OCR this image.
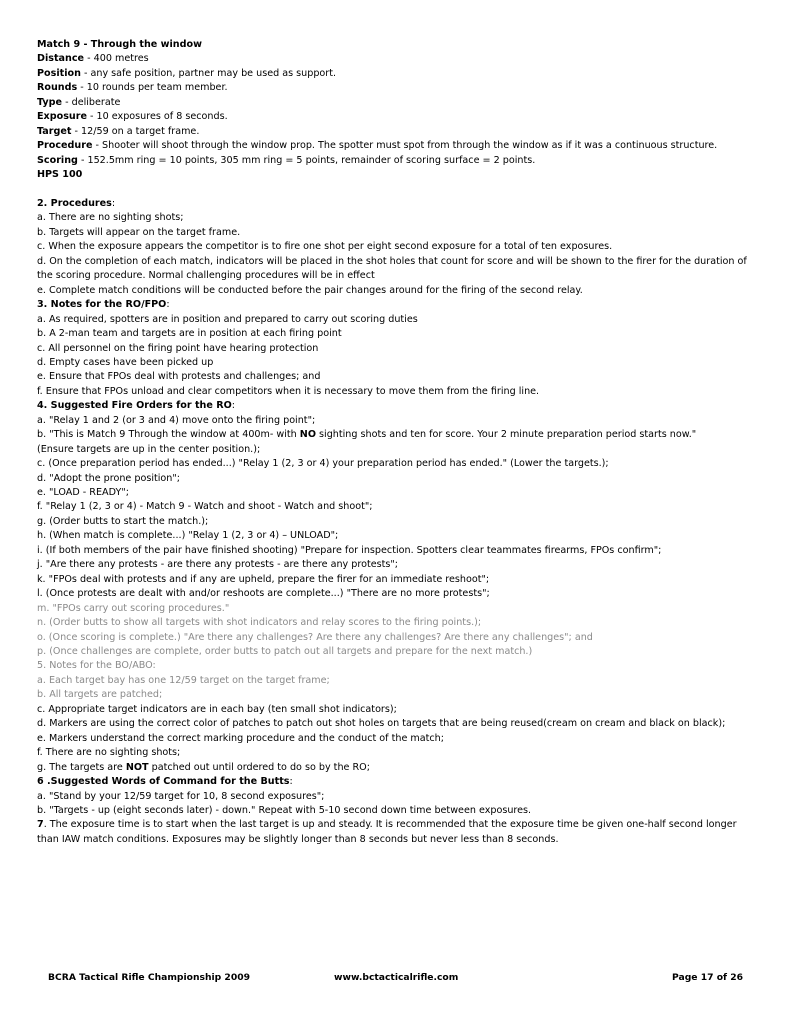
Match 9 - Through the window
Distance - 400 metres
Position - any safe position, partner may be used as support.
Rounds - 10 rounds per team member.
Type - deliberate
Exposure - 10 exposures of 8 seconds.
Target - 12/59 on a target frame.
Procedure - Shooter will shoot through the window prop. The spotter must spot from through the window as if it was a continuous structure.
Scoring - 152.5mm ring = 10 points, 305 mm ring = 5 points, remainder of scoring surface = 2 points.
HPS 100
2. Procedures:
a. There are no sighting shots;
b. Targets will appear on the target frame.
c. When the exposure appears the competitor is to fire one shot per eight second exposure for a total of ten exposures.
d. On the completion of each match, indicators will be placed in the shot holes that count for score and will be shown to the firer for the duration of the scoring procedure. Normal challenging procedures will be in effect
e. Complete match conditions will be conducted before the pair changes around for the firing of the second relay.
3. Notes for the RO/FPO:
a. As required, spotters are in position and prepared to carry out scoring duties
b. A 2-man team and targets are in position at each firing point
c. All personnel on the firing point have hearing protection
d. Empty cases have been picked up
e. Ensure that FPOs deal with protests and challenges; and
f. Ensure that FPOs unload and clear competitors when it is necessary to move them from the firing line.
4. Suggested Fire Orders for the RO:
a. "Relay 1 and 2 (or 3 and 4) move onto the firing point";
b. "This is Match 9 Through the window at 400m- with NO sighting shots and ten for score. Your 2 minute preparation period starts now."
(Ensure targets are up in the center position.);
c. (Once preparation period has ended...) "Relay 1 (2, 3 or 4) your preparation period has ended." (Lower the targets.);
d. "Adopt the prone position";
e. "LOAD - READY";
f. "Relay 1 (2, 3 or 4) - Match 9 - Watch and shoot - Watch and shoot";
g. (Order butts to start the match.);
h. (When match is complete...) "Relay 1 (2, 3 or 4) – UNLOAD";
i. (If both members of the pair have finished shooting) "Prepare for inspection. Spotters clear teammates firearms, FPOs confirm";
j. "Are there any protests - are there any protests - are there any protests";
k. "FPOs deal with protests and if any are upheld, prepare the firer for an immediate reshoot";
l. (Once protests are dealt with and/or reshoots are complete...) "There are no more protests";
m. "FPOs carry out scoring procedures."
n. (Order butts to show all targets with shot indicators and relay scores to the firing points.);
o. (Once scoring is complete.) "Are there any challenges? Are there any challenges? Are there any challenges"; and
p. (Once challenges are complete, order butts to patch out all targets and prepare for the next match.)
5. Notes for the BO/ABO:
a. Each target bay has one 12/59 target on the target frame;
b. All targets are patched;
c. Appropriate target indicators are in each bay (ten small shot indicators);
d. Markers are using the correct color of patches to patch out shot holes on targets that are being reused(cream on cream and black on black);
e. Markers understand the correct marking procedure and the conduct of the match;
f. There are no sighting shots;
g. The targets are NOT patched out until ordered to do so by the RO;
6 .Suggested Words of Command for the Butts:
a. "Stand by your 12/59 target for 10, 8 second exposures";
b. "Targets - up (eight seconds later) - down." Repeat with 5-10 second down time between exposures.
7. The exposure time is to start when the last target is up and steady. It is recommended that the exposure time be given one-half second longer than IAW match conditions. Exposures may be slightly longer than 8 seconds but never less than 8 seconds.
BCRA Tactical Rifle Championship 2009	www.bctacticalrifle.com	Page 17 of 26
